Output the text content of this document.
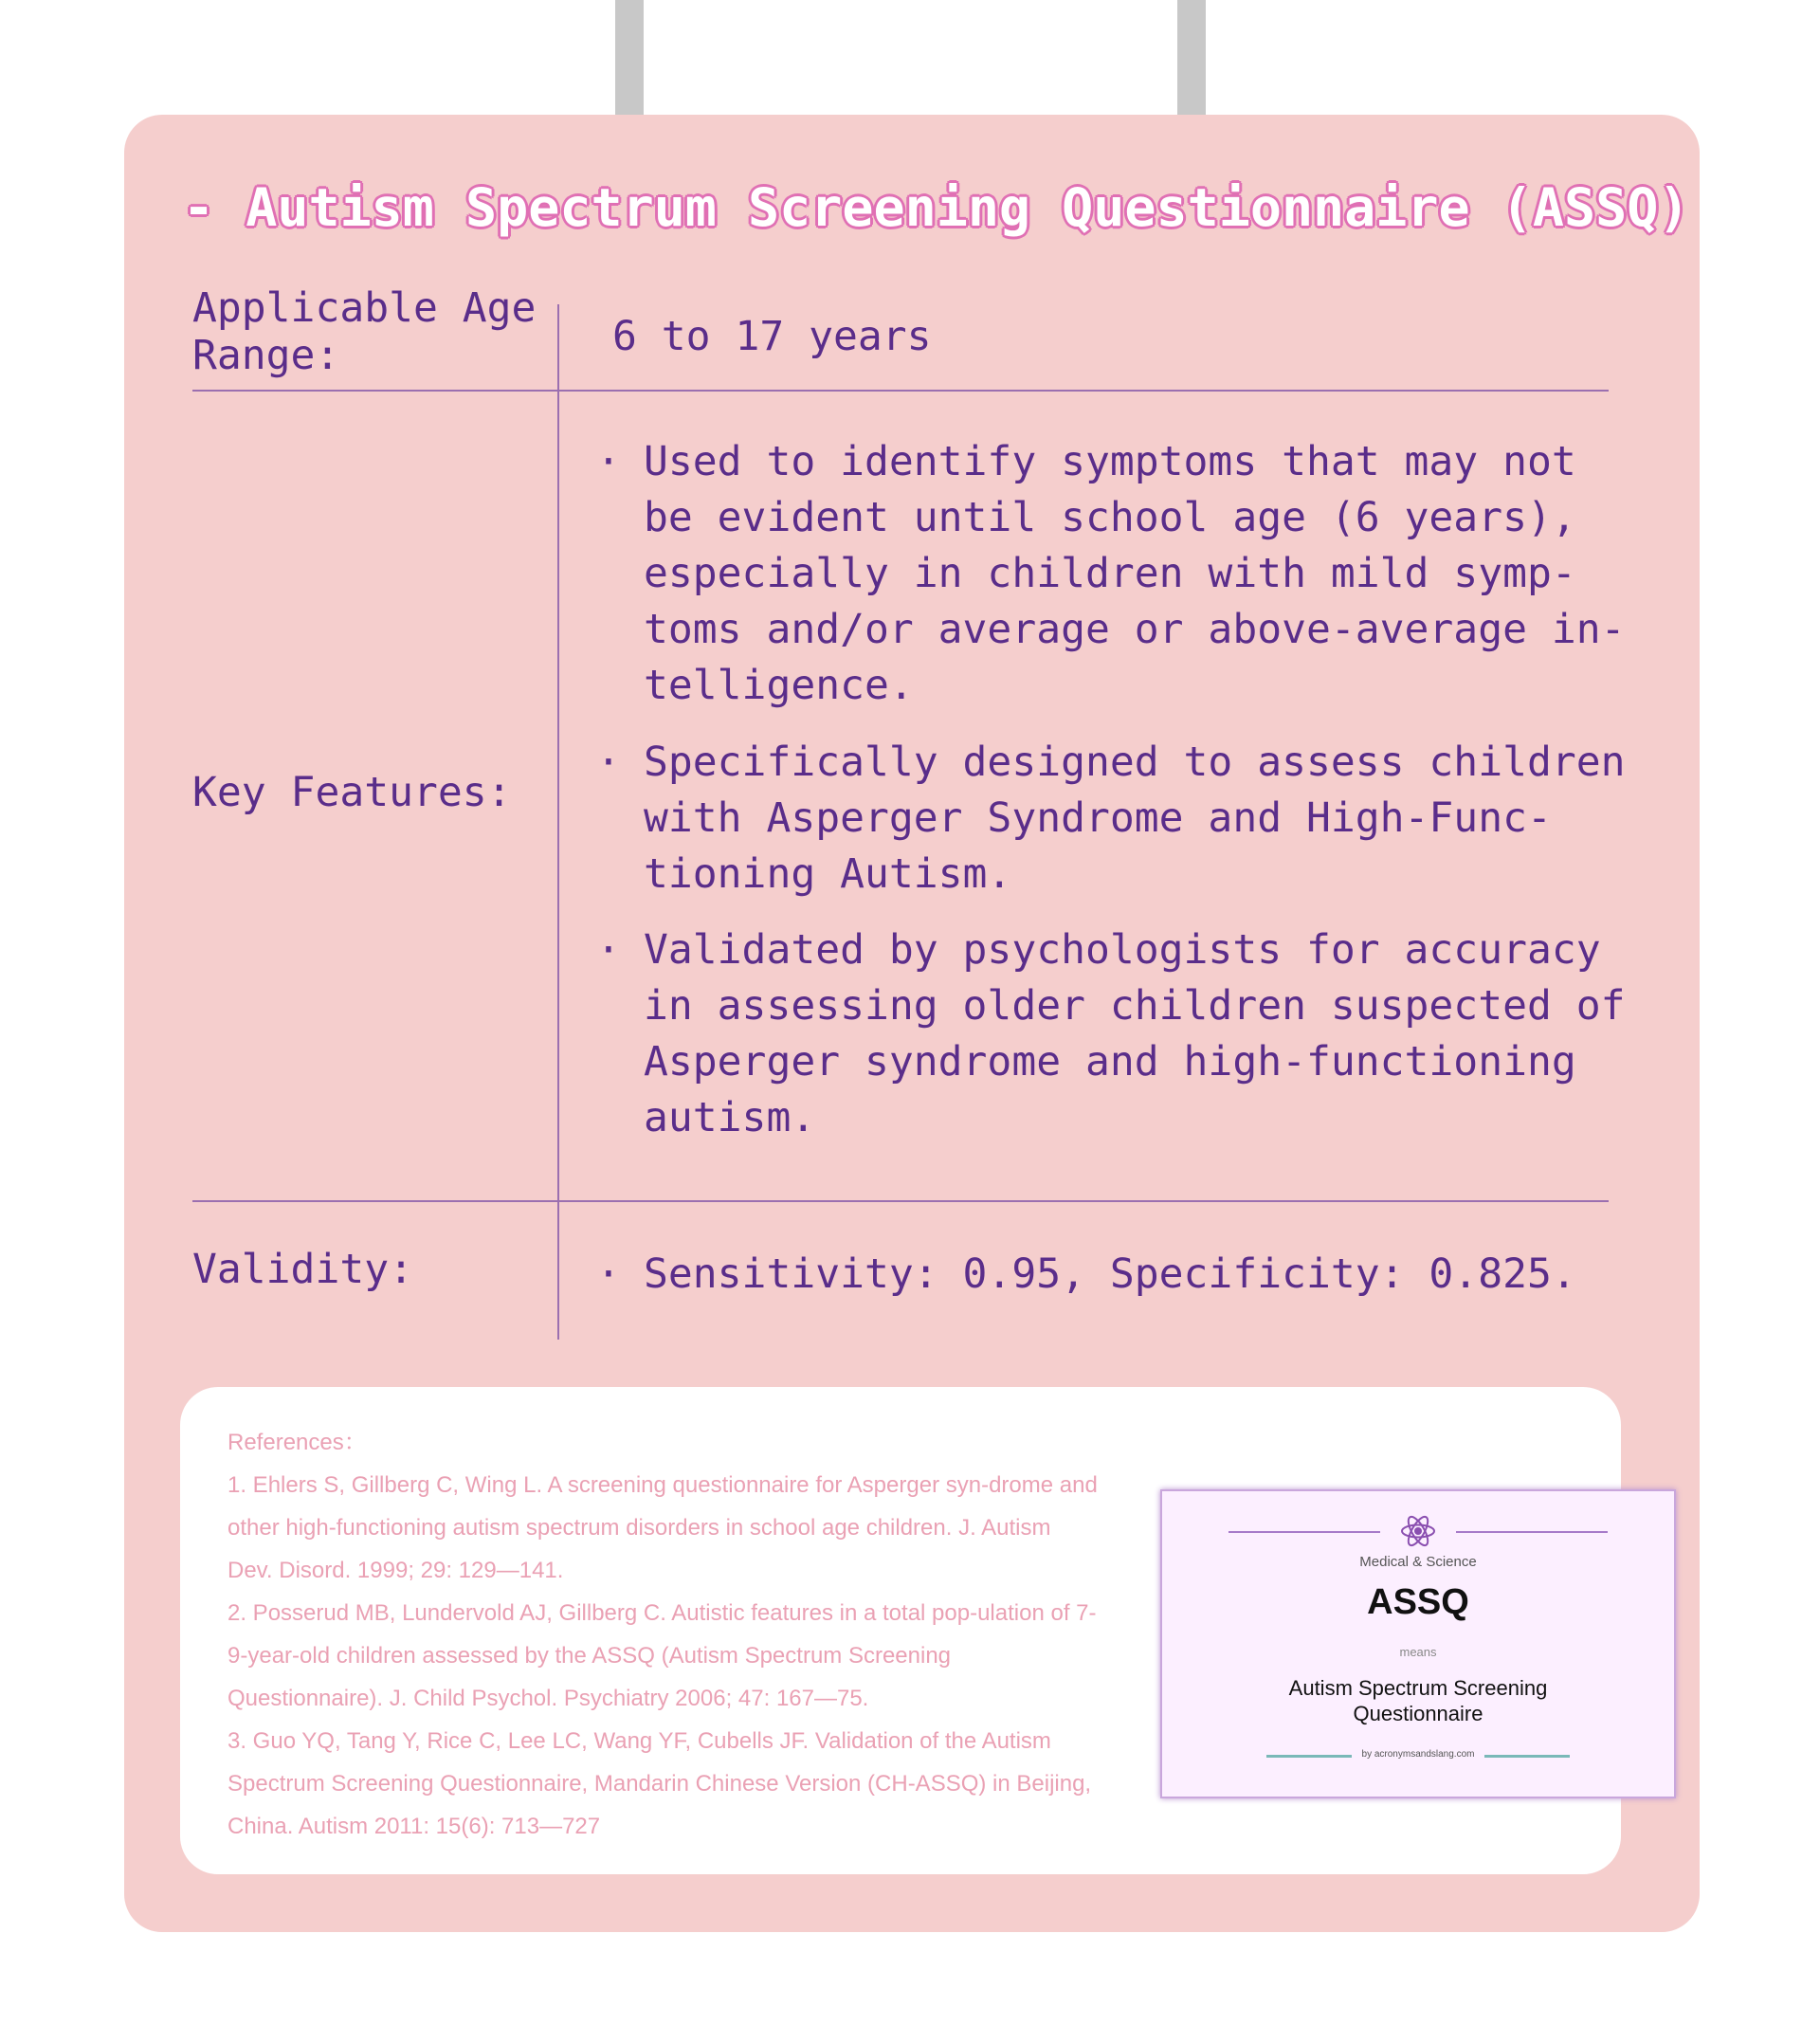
- Autism Spectrum Screening Questionnaire (ASSQ)
Applicable Age Range:	6 to 17 years
Key Features:
· Used to identify symptoms that may not be evident until school age (6 years), especially in children with mild symp-toms and/or average or above-average in-telligence.
· Specifically designed to assess children with Asperger Syndrome and High-Func-tioning Autism.
· Validated by psychologists for accuracy in assessing older children suspected of Asperger syndrome and high-functioning autism.
Validity:	· Sensitivity: 0.95, Specificity: 0.825.
References：
1. Ehlers S, Gillberg C, Wing L. A screening questionnaire for Asperger syn-drome and other high-functioning autism spectrum disorders in school age children. J. Autism Dev. Disord. 1999; 29: 129—141.
2. Posserud MB, Lundervold AJ, Gillberg C. Autistic features in a total pop-ulation of 7-9-year-old children assessed by the ASSQ (Autism Spectrum Screening Questionnaire). J. Child Psychol. Psychiatry 2006; 47: 167—75.
3. Guo YQ, Tang Y, Rice C, Lee LC, Wang YF, Cubells JF. Validation of the Autism Spectrum Screening Questionnaire, Mandarin Chinese Version (CH-ASSQ) in Beijing, China. Autism 2011: 15(6): 713—727
Medical & Science
ASSQ
means
Autism Spectrum Screening Questionnaire
by acronymsandslang.com
